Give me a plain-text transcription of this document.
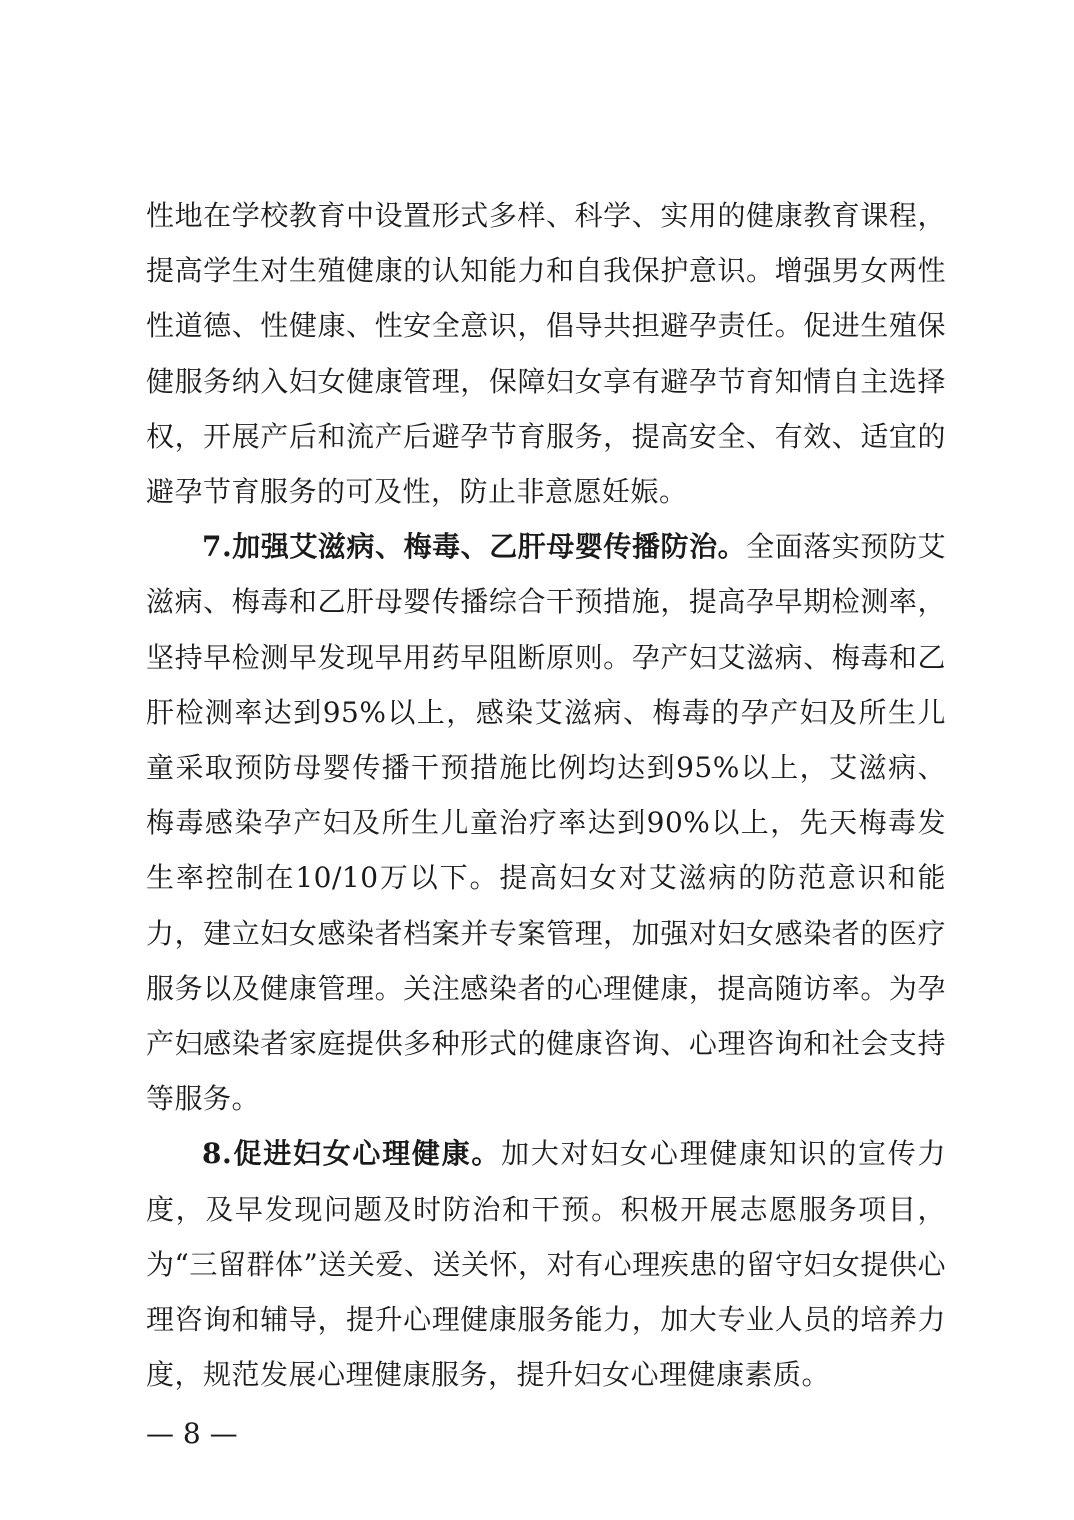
性地在学校教育中设置形式多样、科学、实用的健康教育课程，提高学生对生殖健康的认知能力和自我保护意识。增强男女两性性道德、性健康、性安全意识，倡导共担避孕责任。促进生殖保健服务纳入妇女健康管理，保障妇女享有避孕节育知情自主选择权，开展产后和流产后避孕节育服务，提高安全、有效、适宜的避孕节育服务的可及性，防止非意愿妊娠。

7.加强艾滋病、梅毒、乙肝母婴传播防治。全面落实预防艾滋病、梅毒和乙肝母婴传播综合干预措施，提高孕早期检测率，坚持早检测早发现早用药早阻断原则。孕产妇艾滋病、梅毒和乙肝检测率达到95%以上，感染艾滋病、梅毒的孕产妇及所生儿童采取预防母婴传播干预措施比例均达到95%以上，艾滋病、梅毒感染孕产妇及所生儿童治疗率达到90%以上，先天梅毒发生率控制在10/10万以下。提高妇女对艾滋病的防范意识和能力，建立妇女感染者档案并专案管理，加强对妇女感染者的医疗服务以及健康管理。关注感染者的心理健康，提高随访率。为孕产妇感染者家庭提供多种形式的健康咨询、心理咨询和社会支持等服务。

8.促进妇女心理健康。加大对妇女心理健康知识的宣传力度，及早发现问题及时防治和干预。积极开展志愿服务项目，为“三留群体”送关爱、送关怀，对有心理疾患的留守妇女提供心理咨询和辅导，提升心理健康服务能力，加大专业人员的培养力度，规范发展心理健康服务，提升妇女心理健康素质。

— 8 —
